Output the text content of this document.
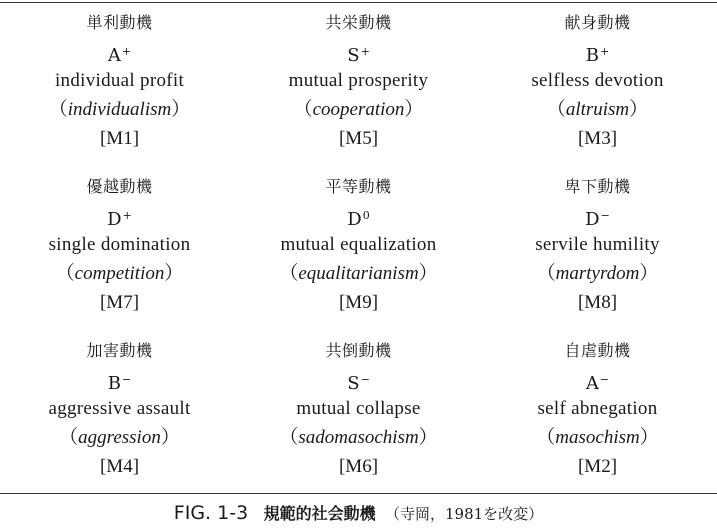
単利動機
A+
individual profit
（individualism）
[M1]
共栄動機
S+
mutual prosperity
（cooperation）
[M5]
献身動機
B+
selfless devotion
（altruism）
[M3]
優越動機
D+
single domination
（competition）
[M7]
平等動機
$D^0$
mutual equalization
（equalitarianism）
[M9]
卑下動機
D−
servile humility
（martyrdom）
[M8]
加害動機
B−
aggressive assault
（aggression）
[M4]
共倒動機
S−
mutual collapse
（sadomasochism）
[M6]
自虐動機
A−
self abnegation
（masochism）
[M2]
FIG. 1-3 規範的社会動機 （寺岡，1981を改変）
